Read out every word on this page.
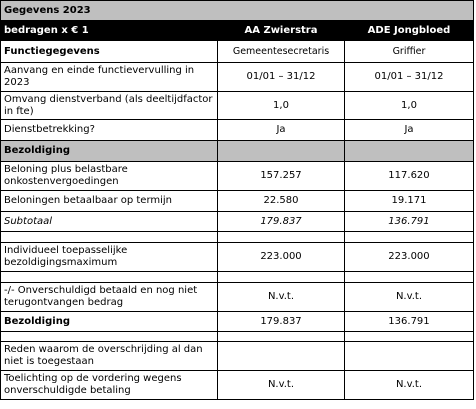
Gegevens 2023		
bedragen x € 1	AA Zwierstra	ADE Jongbloed
Functiegegevens	Gemeentesecretaris	Griffier
Aanvang en einde functievervulling in 2023	01/01 – 31/12	01/01 – 31/12
Omvang dienstverband (als deeltijdfactor in fte)	1,0	1,0
Dienstbetrekking?	Ja	Ja
Bezoldiging		
Beloning plus belastbare onkostenvergoedingen	157.257	117.620
Beloningen betaalbaar op termijn	22.580	19.171
Subtotaal	179.837	136.791

Individueel toepasselijke bezoldigingsmaximum	223.000	223.000

-/- Onverschuldigd betaald en nog niet terugontvangen bedrag	N.v.t.	N.v.t.
Bezoldiging	179.837	136.791

Reden waarom de overschrijding al dan niet is toegestaan		
Toelichting op de vordering wegens onverschuldigde betaling	N.v.t.	N.v.t.
